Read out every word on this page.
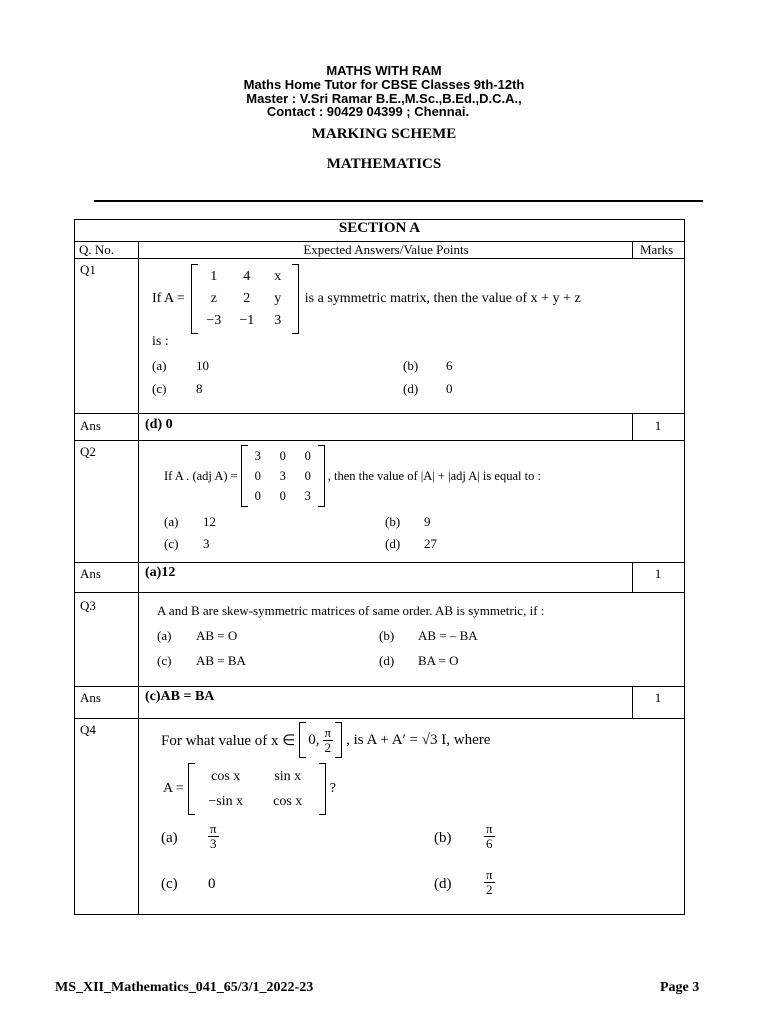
MATHS WITH RAM
Maths Home Tutor for CBSE Classes 9th-12th
Master : V.Sri Ramar B.E.,M.Sc.,B.Ed.,D.C.A.,
Contact : 90429 04399 ; Chennai.
MARKING SCHEME
MATHEMATICS
SECTION A
Q. No.	Expected Answers/Value Points	Marks
Q1
If A =
1	4	x
z	2	y
−3	−1	3
is a symmetric matrix, then the value of x + y + z
is :
(a) 10	(b) 6
(c) 8	(d) 0
Ans	(d) 0	1
Q2
If A . (adj A) =
3	0	0
0	3	0
0	0	3
, then the value of |A| + |adj A| is equal to :
(a) 12	(b) 9
(c) 3	(d) 27
Ans	(a)12	1
Q3	A and B are skew-symmetric matrices of same order. AB is symmetric, if :
(a) AB = O	(b) AB = – BA
(c) AB = BA	(d) BA = O
Ans	(c)AB = BA	1
Q4
For what value of x ∈ 0, $\frac{\pi}{2}$ , is A + A′ = √3 I, where
A =
cos x	sin x
−sin x	cos x
?
$(a) \frac{\pi}{3}$	(b)	$\frac{\pi}{6}$
(c) 0	(d)	$\frac{\pi}{2}$
MS_XII_Mathematics_041_65/3/1_2022-23	Page 3
